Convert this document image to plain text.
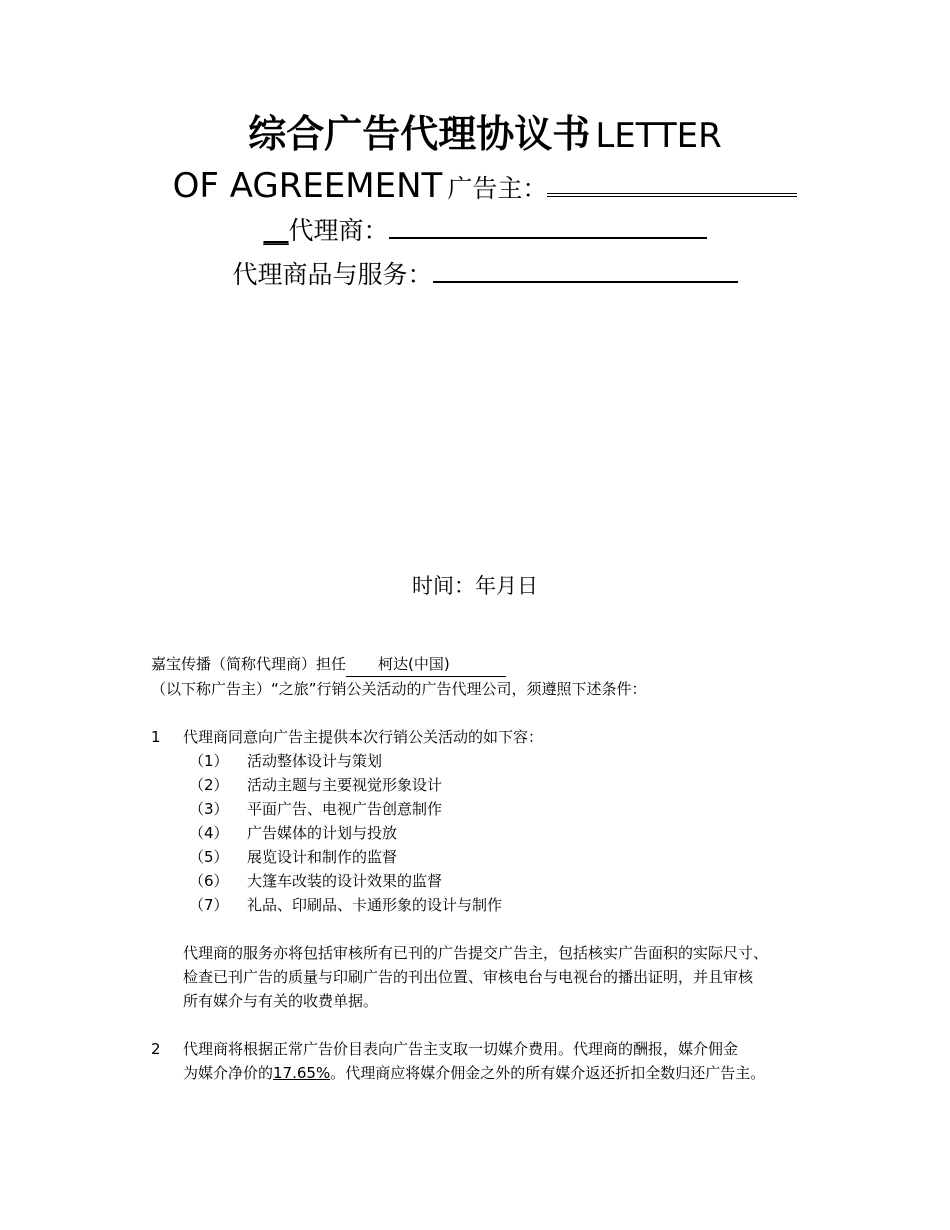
综合广告代理协议书 LETTER
OF AGREEMENT 广告主：
__代理商：
代理商品与服务：
时间：年月日
嘉宝传播（简称代理商）担任 柯达(中国)
（以下称广告主）“之旅”行销公关活动的广告代理公司，须遵照下述条件：
1 代理商同意向广告主提供本次行销公关活动的如下容：
（1） 活动整体设计与策划
（2） 活动主题与主要视觉形象设计
（3） 平面广告、电视广告创意制作
（4） 广告媒体的计划与投放
（5） 展览设计和制作的监督
（6） 大篷车改装的设计效果的监督
（7） 礼品、印刷品、卡通形象的设计与制作
代理商的服务亦将包括审核所有已刊的广告提交广告主，包括核实广告面积的实际尺寸、
检查已刊广告的质量与印刷广告的刊出位置、审核电台与电视台的播出证明，并且审核
所有媒介与有关的收费单据。
2 代理商将根据正常广告价目表向广告主支取一切媒介费用。代理商的酬报，媒介佣金
为媒介净价的17.65%。代理商应将媒介佣金之外的所有媒介返还折扣全数归还广告主。
